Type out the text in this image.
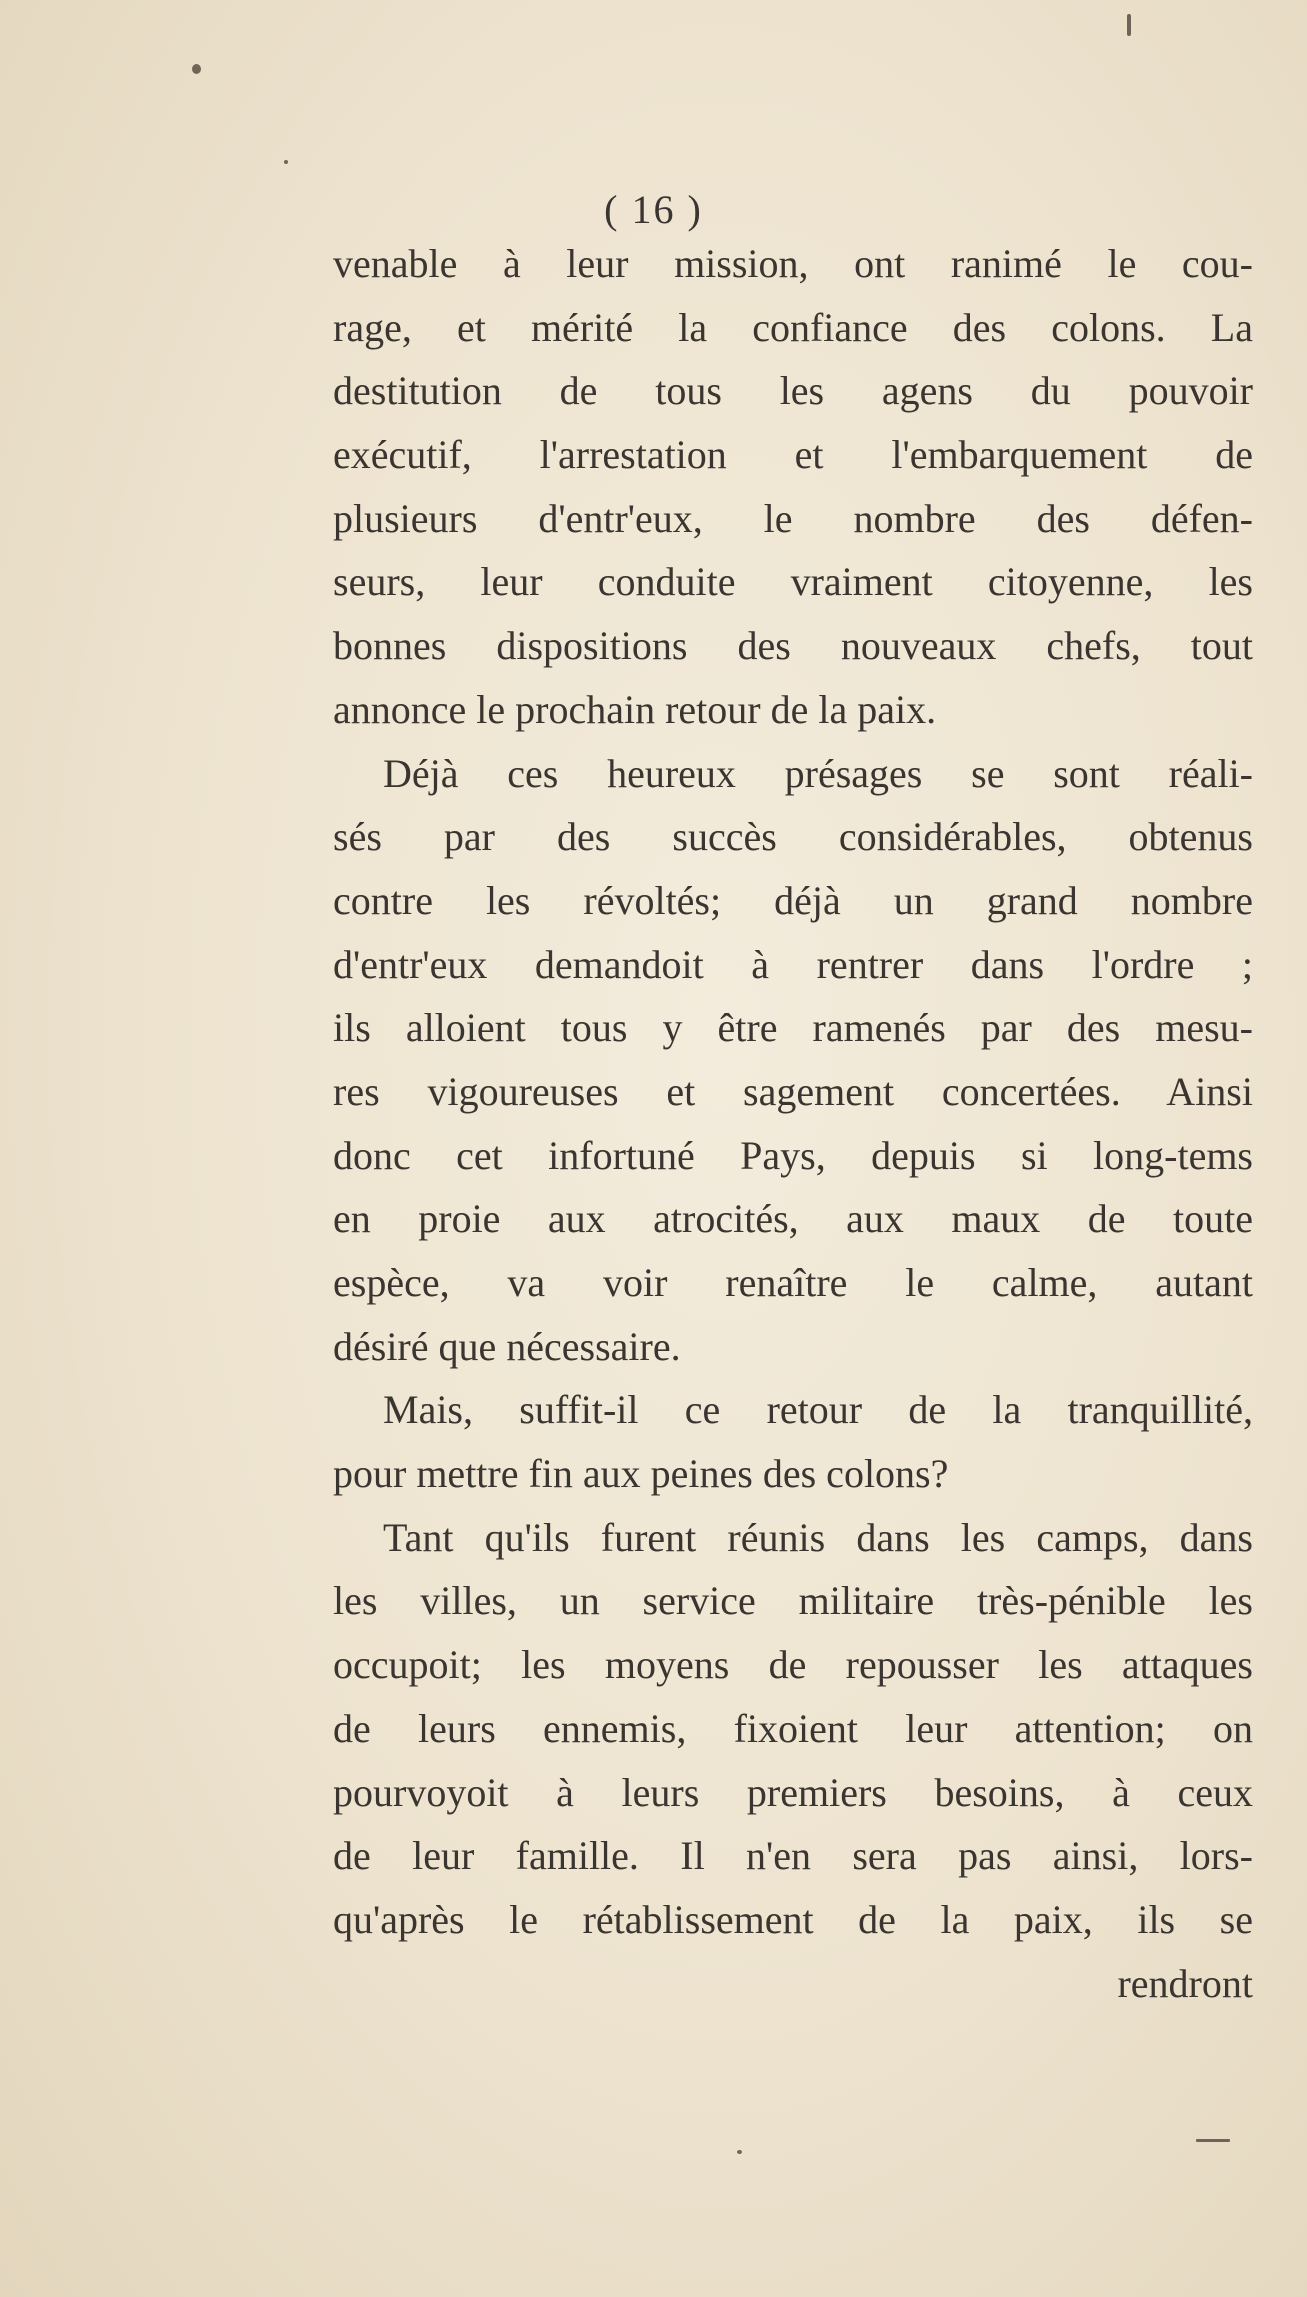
( 16 )
venable à leur mission, ont ranimé le cou-
rage, et mérité la confiance des colons. La
destitution de tous les agens du pouvoir
exécutif, l'arrestation et l'embarquement de
plusieurs d'entr'eux, le nombre des défen-
seurs, leur conduite vraiment citoyenne, les
bonnes dispositions des nouveaux chefs, tout
annonce le prochain retour de la paix.
Déjà ces heureux présages se sont réali-
sés par des succès considérables, obtenus
contre les révoltés; déjà un grand nombre
d'entr'eux demandoit à rentrer dans l'ordre ;
ils alloient tous y être ramenés par des mesu-
res vigoureuses et sagement concertées. Ainsi
donc cet infortuné Pays, depuis si long-tems
en proie aux atrocités, aux maux de toute
espèce, va voir renaître le calme, autant
désiré que nécessaire.
Mais, suffit-il ce retour de la tranquillité,
pour mettre fin aux peines des colons?
Tant qu'ils furent réunis dans les camps, dans
les villes, un service militaire très-pénible les
occupoit; les moyens de repousser les attaques
de leurs ennemis, fixoient leur attention; on
pourvoyoit à leurs premiers besoins, à ceux
de leur famille. Il n'en sera pas ainsi, lors-
qu'après le rétablissement de la paix, ils se
rendront
